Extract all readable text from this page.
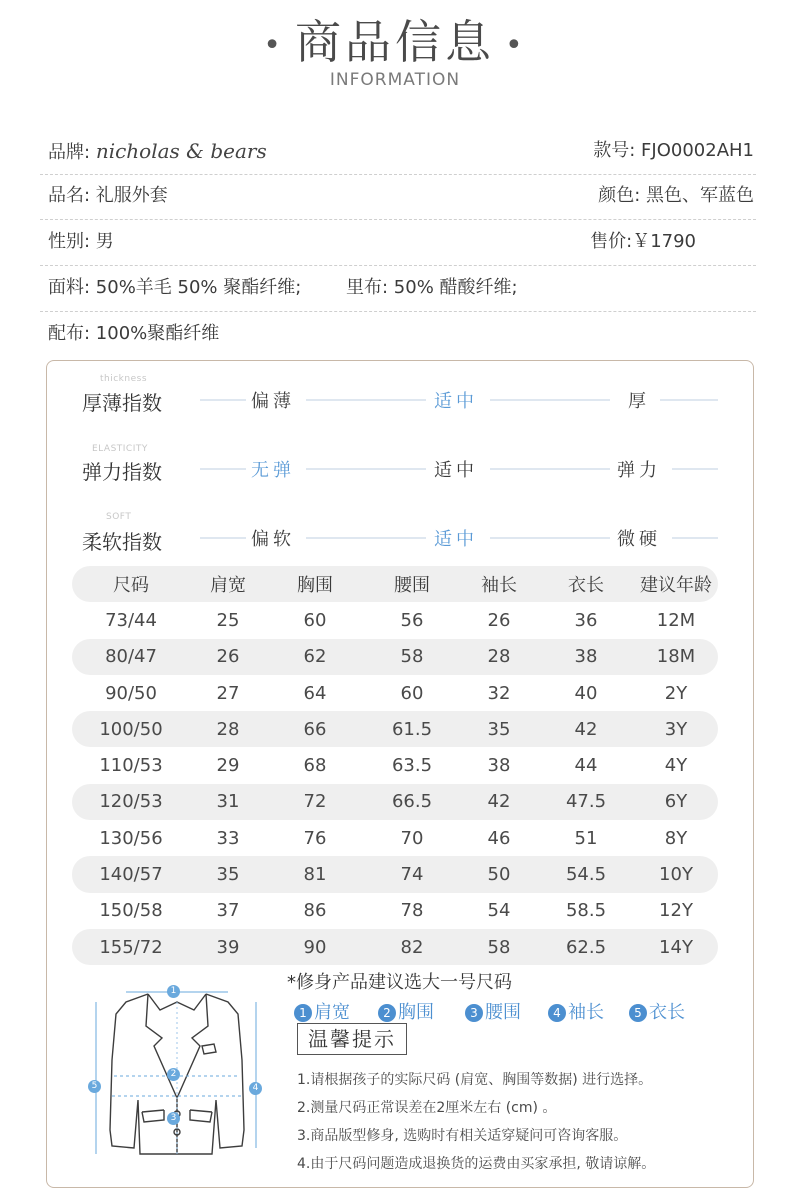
• 商品信息 •
INFORMATION
品牌: nicholas & bears	款号: FJO0002AH1
品名: 礼服外套	颜色: 黑色、军蓝色
性别: 男	售价:￥1790
面料: 50%羊毛 50% 聚酯纤维; 里布: 50% 醋酸纤维;
配布: 100%聚酯纤维
thickness
厚薄指数	偏薄	适中	厚
ELASTICITY
弹力指数	无弹	适中	弹力
SOFT
柔软指数	偏软	适中	微硬
尺码	肩宽	胸围	腰围	袖长	衣长	建议年龄
73/44	25	60	56	26	36	12M
80/47	26	62	58	28	38	18M
90/50	27	64	60	32	40	2Y
100/50	28	66	61.5	35	42	3Y
110/53	29	68	63.5	38	44	4Y
120/53	31	72	66.5	42	47.5	6Y
130/56	33	76	70	46	51	8Y
140/57	35	81	74	50	54.5	10Y
150/58	37	86	78	54	58.5	12Y
155/72	39	90	82	58	62.5	14Y
1
2
3
4
5
*修身产品建议选大一号尺码
1 肩宽	2 胸围	3 腰围	4 袖长	5 衣长
温馨提示
1.请根据孩子的实际尺码 (肩宽、胸围等数据) 进行选择。
2.测量尺码正常误差在2厘米左右 (cm) 。
3.商品版型修身, 选购时有相关适穿疑问可咨询客服。
4.由于尺码问题造成退换货的运费由买家承担, 敬请谅解。
